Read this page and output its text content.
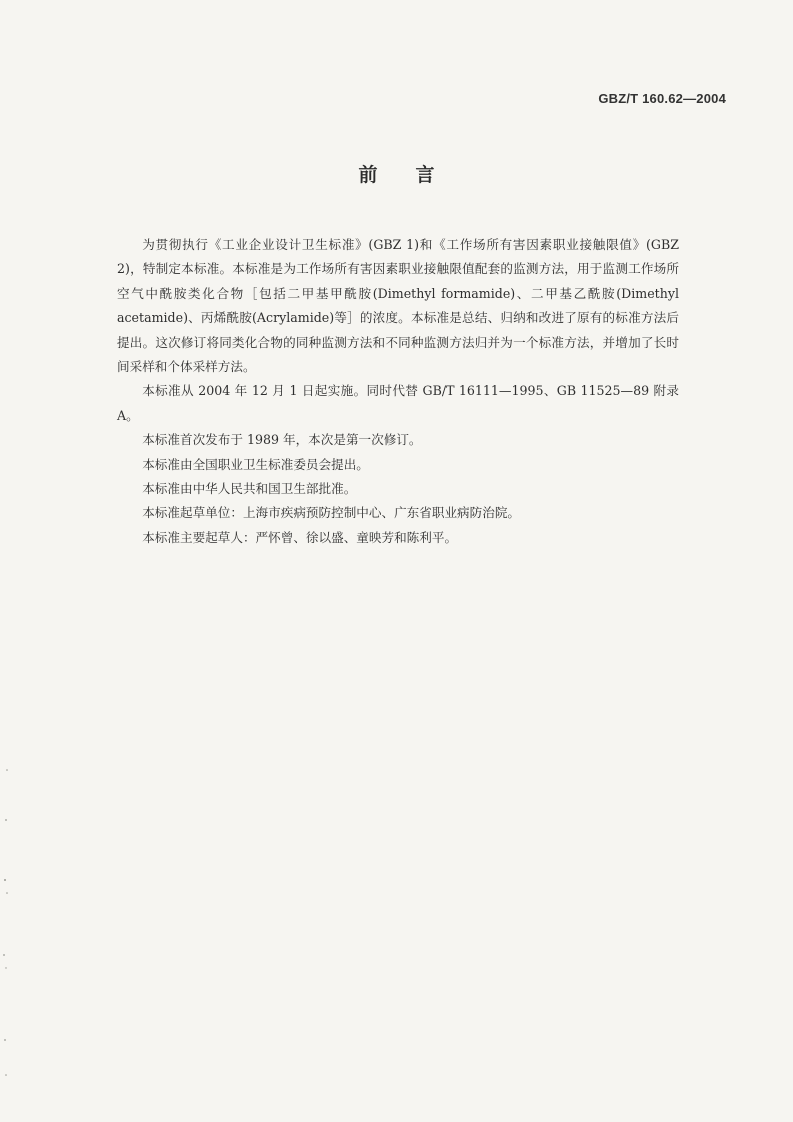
GBZ/T 160.62—2004
前言

为贯彻执行《工业企业设计卫生标准》(GBZ 1)和《工作场所有害因素职业接触限值》(GBZ 2)，特制定本标准。本标准是为工作场所有害因素职业接触限值配套的监测方法，用于监测工作场所空气中酰胺类化合物［包括二甲基甲酰胺(Dimethyl formamide)、二甲基乙酰胺(Dimethyl acetamide)、丙烯酰胺(Acrylamide)等］的浓度。本标准是总结、归纳和改进了原有的标准方法后提出。这次修订将同类化合物的同种监测方法和不同种监测方法归并为一个标准方法，并增加了长时间采样和个体采样方法。

本标准从 2004 年 12 月 1 日起实施。同时代替 GB/T 16111—1995、GB 11525—89 附录 A。

本标准首次发布于 1989 年，本次是第一次修订。

本标准由全国职业卫生标准委员会提出。

本标准由中华人民共和国卫生部批准。

本标准起草单位：上海市疾病预防控制中心、广东省职业病防治院。

本标准主要起草人：严怀曾、徐以盛、童映芳和陈利平。
